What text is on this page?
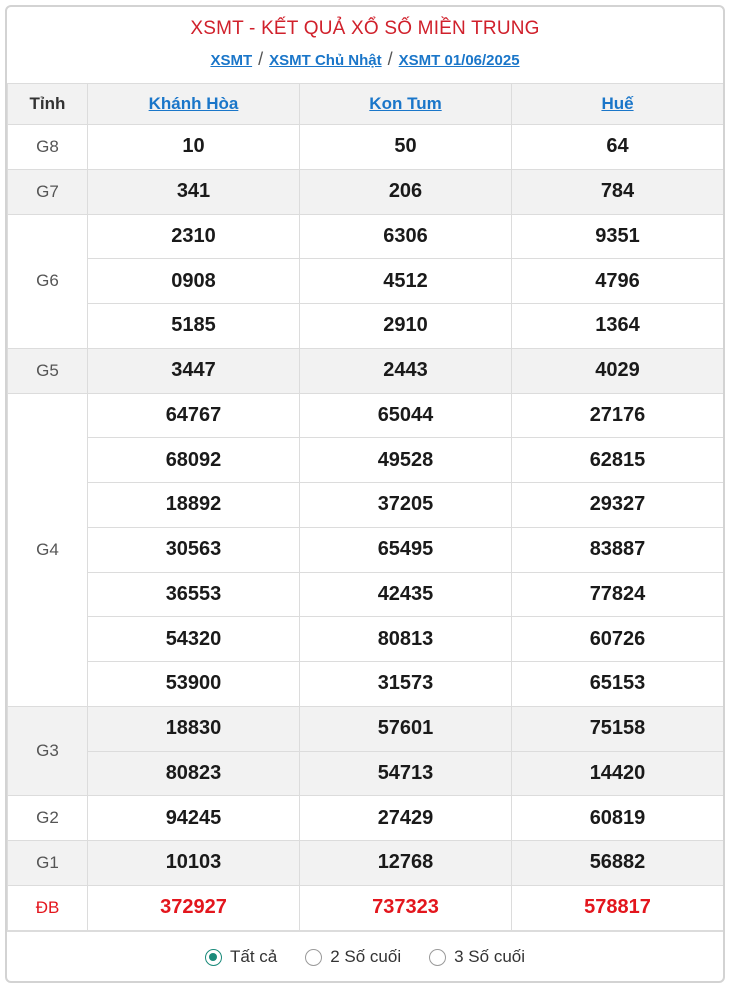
XSMT - KẾT QUẢ XỔ SỐ MIỀN TRUNG
XSMT / XSMT Chủ Nhật / XSMT 01/06/2025
Tỉnh	Khánh Hòa	Kon Tum	Huế
G8	10	50	64
G7	341	206	784
G6	2310	6306	9351
	0908	4512	4796
	5185	2910	1364
G5	3447	2443	4029
G4	64767	65044	27176
	68092	49528	62815
	18892	37205	29327
	30563	65495	83887
	36553	42435	77824
	54320	80813	60726
	53900	31573	65153
G3	18830	57601	75158
	80823	54713	14420
G2	94245	27429	60819
G1	10103	12768	56882
ĐB	372927	737323	578817
Tất cả	2 Số cuối	3 Số cuối
